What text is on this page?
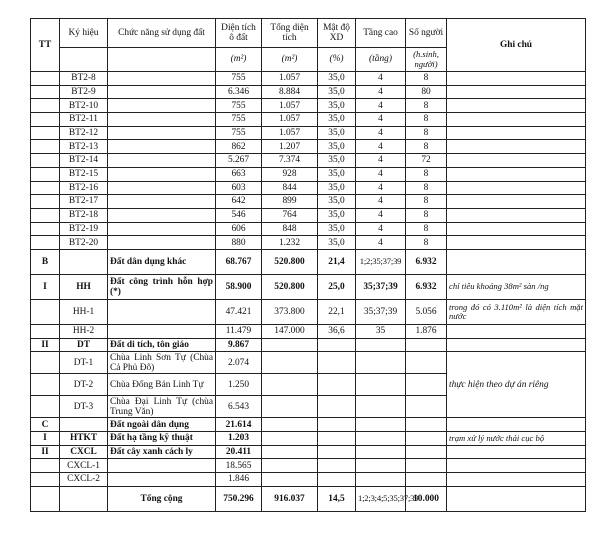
TT	Ký hiệu	Chức năng sử dụng đất	Diện tích ô đất	Tổng diện tích	Mật độ XD	Tầng cao	Số người	Ghi chú
			(m²)	(m²)	(%)	(tầng)	(h.sinh, người)	
	BT2-8		755	1.057	35,0	4	8	
	BT2-9		6.346	8.884	35,0	4	80	
	BT2-10		755	1.057	35,0	4	8	
	BT2-11		755	1.057	35,0	4	8	
	BT2-12		755	1.057	35,0	4	8	
	BT2-13		862	1.207	35,0	4	8	
	BT2-14		5.267	7.374	35,0	4	72	
	BT2-15		663	928	35,0	4	8	
	BT2-16		603	844	35,0	4	8	
	BT2-17		642	899	35,0	4	8	
	BT2-18		546	764	35,0	4	8	
	BT2-19		606	848	35,0	4	8	
	BT2-20		880	1.232	35,0	4	8	
B		Đất dân dụng khác	68.767	520.800	21,4	1;2;35;37;39	6.932	
I	HH	Đất công trình hỗn hợp (*)	58.900	520.800	25,0	35;37;39	6.932	chỉ tiêu khoảng 38m² sàn /ng
	HH-1		47.421	373.800	22,1	35;37;39	5.056	trong đó có 3.110m² là diện tích mặt nước
	HH-2		11.479	147.000	36,6	35	1.876	
II	DT	Đất di tích, tôn giáo	9.867					
	DT-1	Chùa Linh Sơn Tự (Chùa Cả Phủ Đô)	2.074					thực hiện theo dự án riêng
	DT-2	Chùa Đống Bản Linh Tự	1.250					
	DT-3	Chùa Đại Linh Tự (chùa Trung Văn)	6.543					
C		Đất ngoài dân dụng	21.614					
I	HTKT	Đất hạ tầng kỹ thuật	1.203					trạm xử lý nước thải cục bộ
II	CXCL	Đất cây xanh cách ly	20.411					
	CXCL-1		18.565					
	CXCL-2		1.846					
		Tổng cộng	750.296	916.037	14,5	1;2;3;4;5;35;37;39	10.000	
